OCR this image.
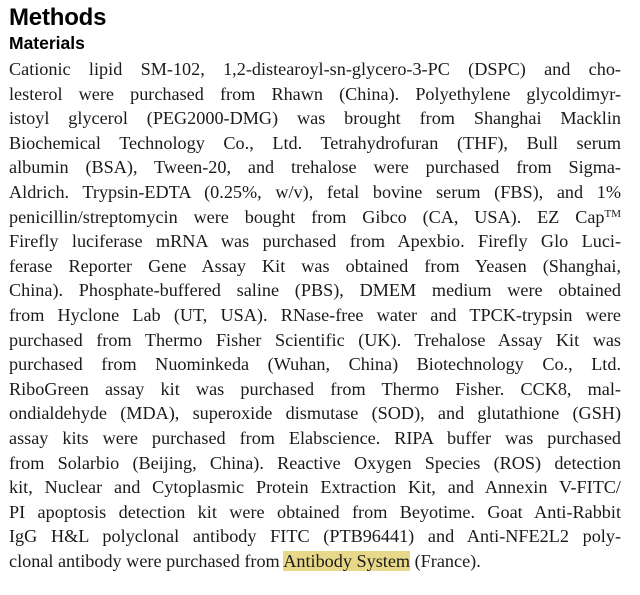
Methods
Materials

Cationic lipid SM-102, 1,2-distearoyl-sn-glycero-3-PC (DSPC) and cho-
lesterol were purchased from Rhawn (China). Polyethylene glycoldimyr-
istoyl glycerol (PEG2000-DMG) was brought from Shanghai Macklin
Biochemical Technology Co., Ltd. Tetrahydrofuran (THF), Bull serum
albumin (BSA), Tween-20, and trehalose were purchased from Sigma-
Aldrich. Trypsin-EDTA (0.25%, w/v), fetal bovine serum (FBS), and 1%
penicillin/streptomycin were bought from Gibco (CA, USA). EZ Cap™
Firefly luciferase mRNA was purchased from Apexbio. Firefly Glo Luci-
ferase Reporter Gene Assay Kit was obtained from Yeasen (Shanghai,
China). Phosphate-buffered saline (PBS), DMEM medium were obtained
from Hyclone Lab (UT, USA). RNase-free water and TPCK-trypsin were
purchased from Thermo Fisher Scientific (UK). Trehalose Assay Kit was
purchased from Nuominkeda (Wuhan, China) Biotechnology Co., Ltd.
RiboGreen assay kit was purchased from Thermo Fisher. CCK8, mal-
ondialdehyde (MDA), superoxide dismutase (SOD), and glutathione (GSH)
assay kits were purchased from Elabscience. RIPA buffer was purchased
from Solarbio (Beijing, China). Reactive Oxygen Species (ROS) detection
kit, Nuclear and Cytoplasmic Protein Extraction Kit, and Annexin V-FITC/
PI apoptosis detection kit were obtained from Beyotime. Goat Anti-Rabbit
IgG H&L polyclonal antibody FITC (PTB96441) and Anti-NFE2L2 poly-
clonal antibody were purchased from Antibody System (France).
